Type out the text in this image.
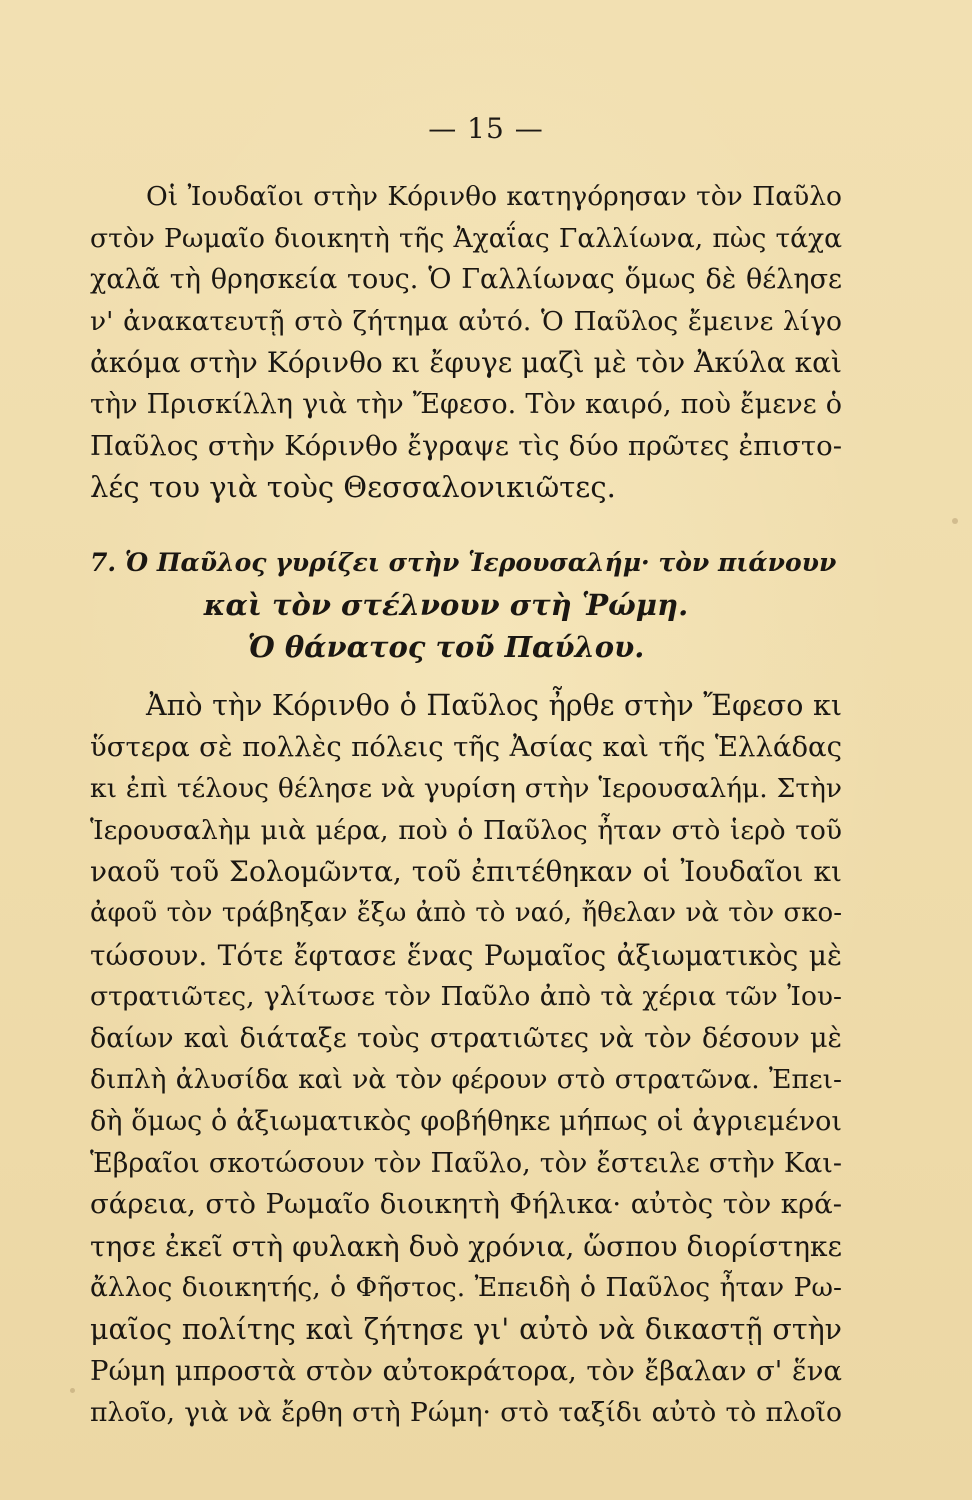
— 15 —
Οἱ Ἰουδαῖοι στὴν Κόρινθο κατηγόρησαν τὸν Παῦλο
στὸν Ρωμαῖο διοικητὴ τῆς Ἀχαΐας Γαλλίωνα, πὼς τάχα
χαλᾶ τὴ θρησκεία τους. Ὁ Γαλλίωνας ὅμως δὲ θέλησε
ν' ἀνακατευτῇ στὸ ζήτημα αὐτό. Ὁ Παῦλος ἔμεινε λίγο
ἀκόμα στὴν Κόρινθο κι ἔφυγε μαζὶ μὲ τὸν Ἀκύλα καὶ
τὴν Πρισκίλλη γιὰ τὴν Ἔφεσο. Τὸν καιρό, ποὺ ἔμενε ὁ
Παῦλος στὴν Κόρινθο ἔγραψε τὶς δύο πρῶτες ἐπιστο-
λές του γιὰ τοὺς Θεσσαλονικιῶτες.
7. Ὁ Παῦλος γυρίζει στὴν Ἱερουσαλήμ· τὸν πιάνουν
καὶ τὸν στέλνουν στὴ Ῥώμη.
Ὁ θάνατος τοῦ Παύλου.
Ἀπὸ τὴν Κόρινθο ὁ Παῦλος ἦρθε στὴν Ἔφεσο κι
ὕστερα σὲ πολλὲς πόλεις τῆς Ἀσίας καὶ τῆς Ἑλλάδας
κι ἐπὶ τέλους θέλησε νὰ γυρίση στὴν Ἱερουσαλήμ. Στὴν
Ἱερουσαλὴμ μιὰ μέρα, ποὺ ὁ Παῦλος ἦταν στὸ ἱερὸ τοῦ
ναοῦ τοῦ Σολομῶντα, τοῦ ἐπιτέθηκαν οἱ Ἰουδαῖοι κι
ἀφοῦ τὸν τράβηξαν ἔξω ἀπὸ τὸ ναό, ἤθελαν νὰ τὸν σκο-
τώσουν. Τότε ἔφτασε ἕνας Ρωμαῖος ἀξιωματικὸς μὲ
στρατιῶτες, γλίτωσε τὸν Παῦλο ἀπὸ τὰ χέρια τῶν Ἰου-
δαίων καὶ διάταξε τοὺς στρατιῶτες νὰ τὸν δέσουν μὲ
διπλὴ ἀλυσίδα καὶ νὰ τὸν φέρουν στὸ στρατῶνα. Ἐπει-
δὴ ὅμως ὁ ἀξιωματικὸς φοβήθηκε μήπως οἱ ἀγριεμένοι
Ἑβραῖοι σκοτώσουν τὸν Παῦλο, τὸν ἔστειλε στὴν Και-
σάρεια, στὸ Ρωμαῖο διοικητὴ Φήλικα· αὐτὸς τὸν κρά-
τησε ἐκεῖ στὴ φυλακὴ δυὸ χρόνια, ὥσπου διορίστηκε
ἄλλος διοικητής, ὁ Φῆστος. Ἐπειδὴ ὁ Παῦλος ἦταν Ρω-
μαῖος πολίτης καὶ ζήτησε γι' αὐτὸ νὰ δικαστῇ στὴν
Ρώμη μπροστὰ στὸν αὐτοκράτορα, τὸν ἔβαλαν σ' ἕνα
πλοῖο, γιὰ νὰ ἔρθη στὴ Ρώμη· στὸ ταξίδι αὐτὸ τὸ πλοῖο
